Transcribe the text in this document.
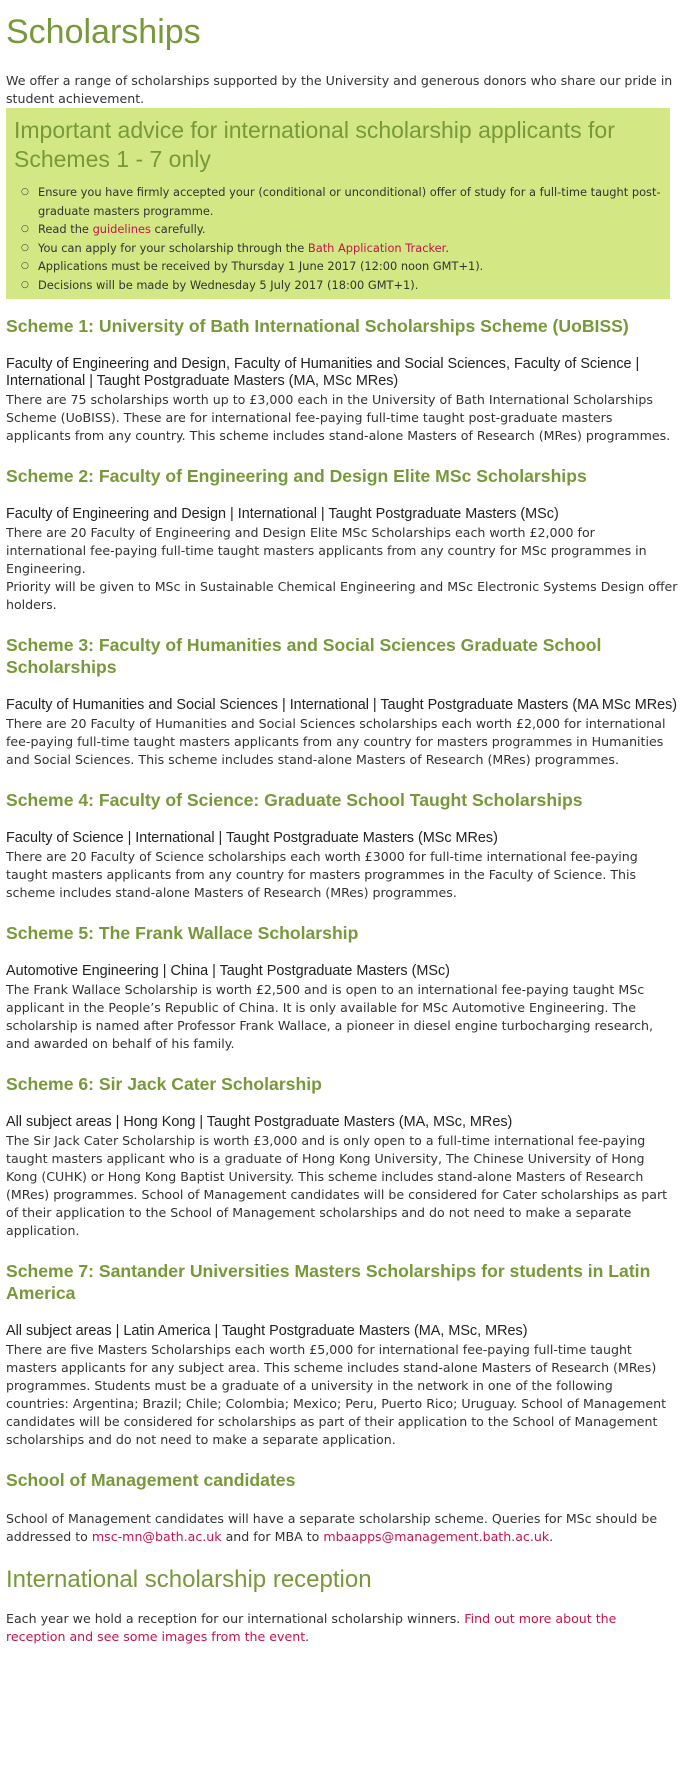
Scholarships

We offer a range of scholarships supported by the University and generous donors who share our pride in student achievement.

Important advice for international scholarship applicants for Schemes 1 - 7 only
○ Ensure you have firmly accepted your (conditional or unconditional) offer of study for a full-time taught post-graduate masters programme.
○ Read the guidelines carefully.
○ You can apply for your scholarship through the Bath Application Tracker.
○ Applications must be received by Thursday 1 June 2017 (12:00 noon GMT+1).
○ Decisions will be made by Wednesday 5 July 2017 (18:00 GMT+1).
Scheme 1: University of Bath International Scholarships Scheme (UoBISS)
Faculty of Engineering and Design, Faculty of Humanities and Social Sciences, Faculty of Science | International | Taught Postgraduate Masters (MA, MSc MRes)

There are 75 scholarships worth up to £3,000 each in the University of Bath International Scholarships Scheme (UoBISS). These are for international fee-paying full-time taught post-graduate masters applicants from any country. This scheme includes stand-alone Masters of Research (MRes) programmes.

Scheme 2: Faculty of Engineering and Design Elite MSc Scholarships
Faculty of Engineering and Design | International | Taught Postgraduate Masters (MSc)

There are 20 Faculty of Engineering and Design Elite MSc Scholarships each worth £2,000 for international fee-paying full-time taught masters applicants from any country for MSc programmes in Engineering.

Priority will be given to MSc in Sustainable Chemical Engineering and MSc Electronic Systems Design offer holders.

Scheme 3: Faculty of Humanities and Social Sciences Graduate School Scholarships
Faculty of Humanities and Social Sciences | International | Taught Postgraduate Masters (MA MSc MRes)

There are 20 Faculty of Humanities and Social Sciences scholarships each worth £2,000 for international fee-paying full-time taught masters applicants from any country for masters programmes in Humanities and Social Sciences. This scheme includes stand-alone Masters of Research (MRes) programmes.

Scheme 4: Faculty of Science: Graduate School Taught Scholarships
Faculty of Science | International | Taught Postgraduate Masters (MSc MRes)

There are 20 Faculty of Science scholarships each worth £3000 for full-time international fee-paying taught masters applicants from any country for masters programmes in the Faculty of Science. This scheme includes stand-alone Masters of Research (MRes) programmes.

Scheme 5: The Frank Wallace Scholarship
Automotive Engineering | China | Taught Postgraduate Masters (MSc)

The Frank Wallace Scholarship is worth £2,500 and is open to an international fee-paying taught MSc applicant in the People’s Republic of China. It is only available for MSc Automotive Engineering. The scholarship is named after Professor Frank Wallace, a pioneer in diesel engine turbocharging research, and awarded on behalf of his family.

Scheme 6: Sir Jack Cater Scholarship
All subject areas | Hong Kong | Taught Postgraduate Masters (MA, MSc, MRes)

The Sir Jack Cater Scholarship is worth £3,000 and is only open to a full-time international fee-paying taught masters applicant who is a graduate of Hong Kong University, The Chinese University of Hong Kong (CUHK) or Hong Kong Baptist University. This scheme includes stand-alone Masters of Research (MRes) programmes. School of Management candidates will be considered for Cater scholarships as part of their application to the School of Management scholarships and do not need to make a separate application.

Scheme 7: Santander Universities Masters Scholarships for students in Latin America
All subject areas | Latin America | Taught Postgraduate Masters (MA, MSc, MRes)

There are five Masters Scholarships each worth £5,000 for international fee-paying full-time taught masters applicants for any subject area. This scheme includes stand-alone Masters of Research (MRes) programmes. Students must be a graduate of a university in the network in one of the following countries: Argentina; Brazil; Chile; Colombia; Mexico; Peru, Puerto Rico; Uruguay. School of Management candidates will be considered for scholarships as part of their application to the School of Management scholarships and do not need to make a separate application.

School of Management candidates

School of Management candidates will have a separate scholarship scheme. Queries for MSc should be addressed to msc-mn@bath.ac.uk and for MBA to mbaapps@management.bath.ac.uk.

International scholarship reception

Each year we hold a reception for our international scholarship winners. Find out more about the reception and see some images from the event.
